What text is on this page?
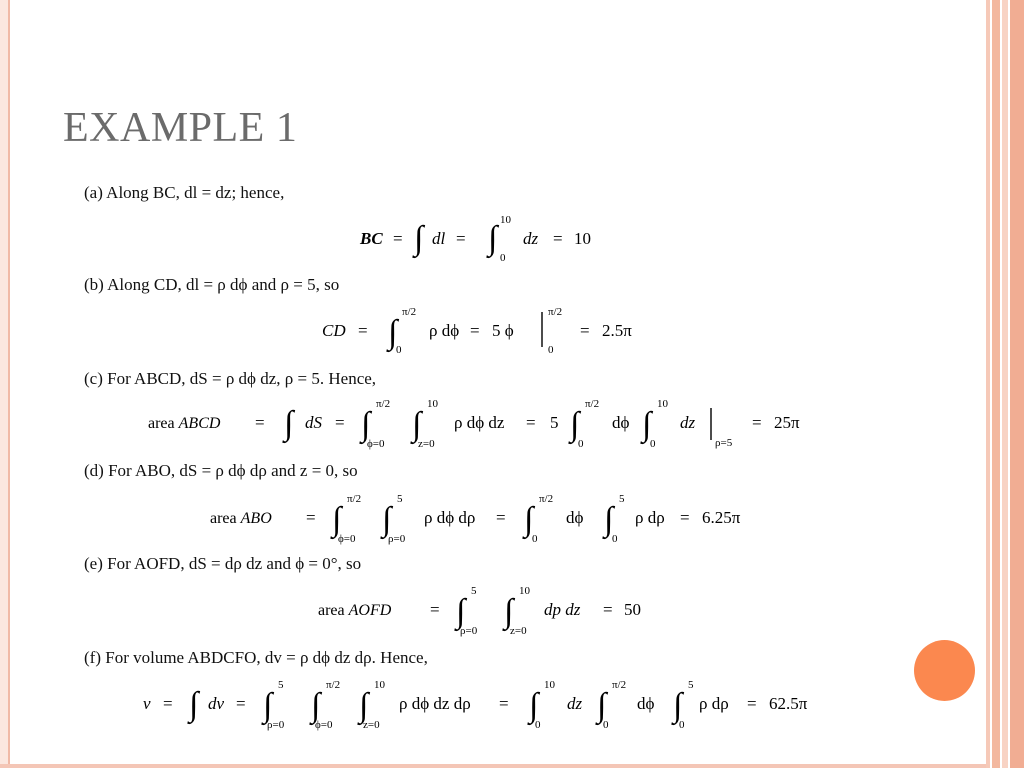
EXAMPLE 1
(a) Along BC, dl = dz; hence,
BC = ∫ dl = ∫ 10
0
dz = 10
(b) Along CD, dl = ρ dϕ and ρ = 5, so
CD = ∫
π/2
0
ρ dϕ = 5 ϕ
π/2
0
= 2.5π
(c) For ABCD, dS = ρ dϕ dz, ρ = 5. Hence,
area ABCD = ∫ dS = ∫
π/2
ϕ=0
∫
10
z=0
ρ dϕ dz = 5 ∫
π/2
0
dϕ ∫
10
0
dz
ρ=5
= 25π
(d) For ABO, dS = ρ dϕ dρ and z = 0, so
area ABO = ∫
π/2
ϕ=0
∫
5
ρ=0
ρ dϕ dρ = ∫
π/2
0
dϕ ∫
5
0
ρ dρ = 6.25π
(e) For AOFD, dS = dρ dz and ϕ = 0°, so
area AOFD = ∫
5
ρ=0
∫
10
z=0
dp dz = 50
(f) For volume ABDCFO, dv = ρ dϕ dz dρ. Hence,
v = ∫ dv = ∫
5
ρ=0
∫
π/2
ϕ=0
∫
10
z=0
ρ dϕ dz dρ = ∫
10
0
dz ∫
π/2
0
dϕ ∫
5
0
ρ dρ = 62.5π
